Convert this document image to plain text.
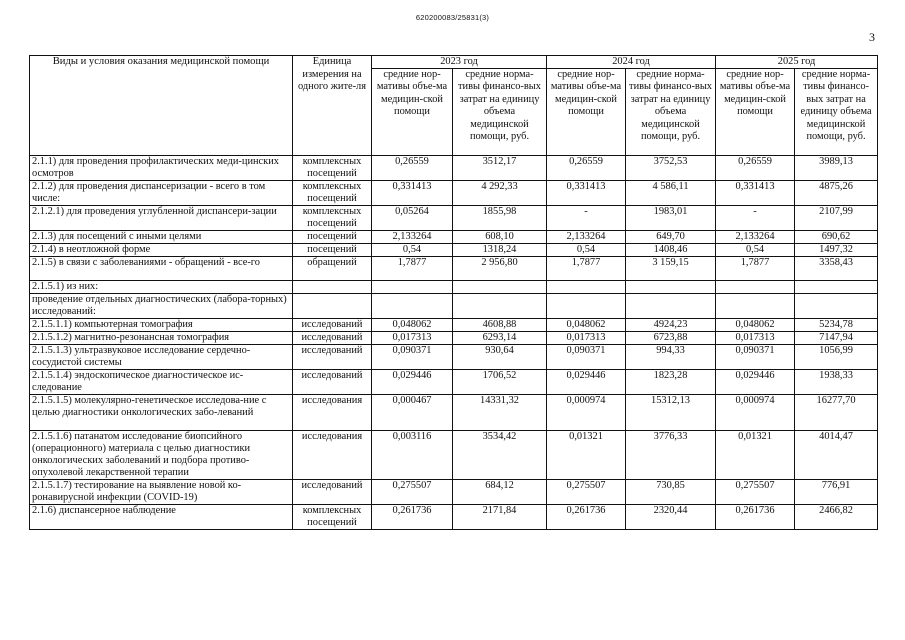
620200083/25831(3)
3
Виды и условия оказания медицинской помощи	Единица измерения на одного жите-ля	2023 год		2024 год		2025 год	
		средние нор-мативы объе-ма медицин-ской помощи	средние норма-тивы финансо-вых затрат на единицу объема медицинской помощи, руб.	средние нор-мативы объе-ма медицин-ской помощи	средние норма-тивы финансо-вых затрат на единицу объема медицинской помощи, руб.	средние нор-мативы объе-ма медицин-ской помощи	средние норма-тивы финансо-вых затрат на единицу объема медицинской помощи, руб.
2.1.1) для проведения профилактических меди-цинских осмотров	комплексных посещений	0,26559	3512,17	0,26559	3752,53	0,26559	3989,13
2.1.2) для проведения диспансеризации - всего в том числе:	комплексных посещений	0,331413	4 292,33	0,331413	4 586,11	0,331413	4875,26
2.1.2.1) для проведения углубленной диспансери-зации	комплексных посещений	0,05264	1855,98	-	1983,01	-	2107,99
2.1.3) для посещений с иными целями	посещений	2,133264	608,10	2,133264	649,70	2,133264	690,62
2.1.4) в неотложной форме	посещений	0,54	1318,24	0,54	1408,46	0,54	1497,32
2.1.5) в связи с заболеваниями - обращений - все-го	обращений	1,7877	2 956,80	1,7877	3 159,15	1,7877	3358,43
2.1.5.1) из них:							
проведение отдельных диагностических (лабора-торных) исследований:							
2.1.5.1.1) компьютерная томография	исследований	0,048062	4608,88	0,048062	4924,23	0,048062	5234,78
2.1.5.1.2) магнитно-резонансная томография	исследований	0,017313	6293,14	0,017313	6723,88	0,017313	7147,94
2.1.5.1.3) ультразвуковое исследование сердечно-сосудистой системы	исследований	0,090371	930,64	0,090371	994,33	0,090371	1056,99
2.1.5.1.4) эндоскопическое диагностическое ис-следование	исследований	0,029446	1706,52	0,029446	1823,28	0,029446	1938,33
2.1.5.1.5) молекулярно-генетическое исследова-ние с целью диагностики онкологических забо-леваний	исследования	0,000467	14331,32	0,000974	15312,13	0,000974	16277,70
2.1.5.1.6) патанатом исследование биопсийного (операционного) материала с целью диагностики онкологических заболеваний и подбора противо-опухолевой лекарственной терапии	исследования	0,003116	3534,42	0,01321	3776,33	0,01321	4014,47
2.1.5.1.7) тестирование на выявление новой ко-ронавирусной инфекции (COVID-19)	исследований	0,275507	684,12	0,275507	730,85	0,275507	776,91
2.1.6) диспансерное наблюдение	комплексных посещений	0,261736	2171,84	0,261736	2320,44	0,261736	2466,82
